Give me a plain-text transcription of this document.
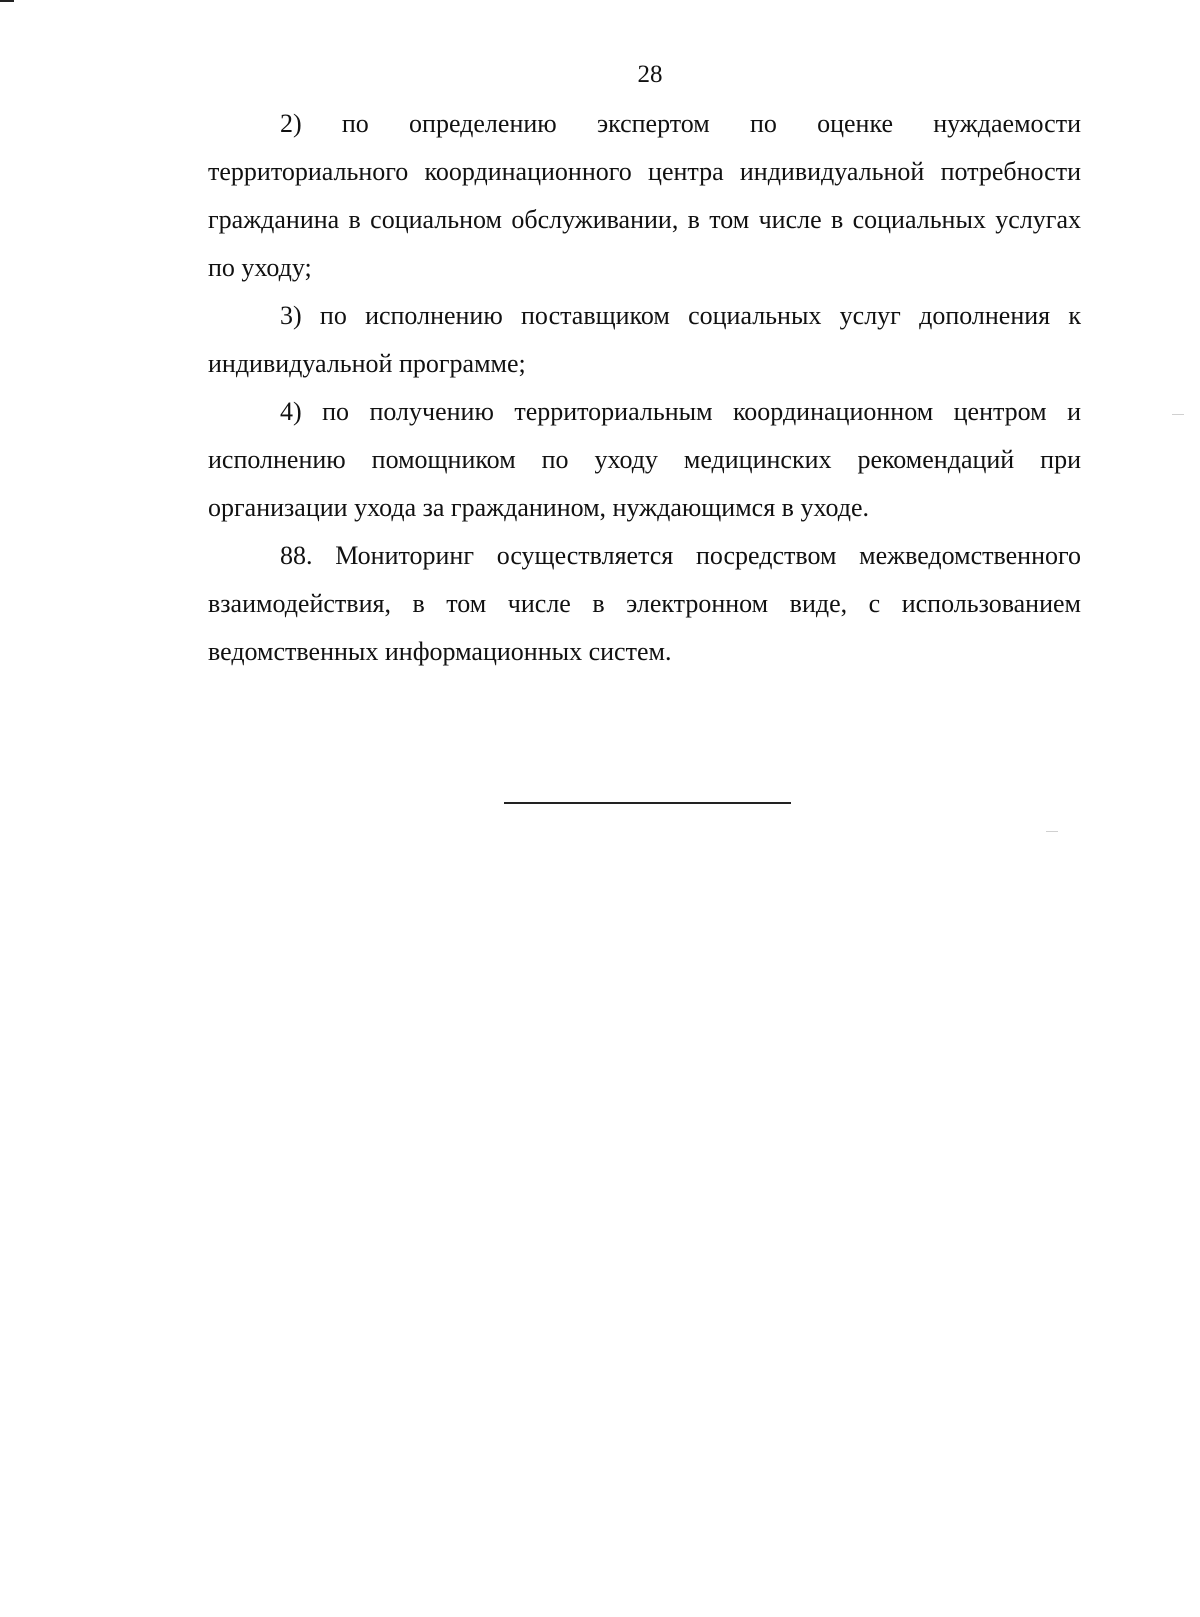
28

2) по определению экспертом по оценке нуждаемости территориального координационного центра индивидуальной потребности гражданина в социальном обслуживании, в том числе в социальных услугах по уходу;

3) по исполнению поставщиком социальных услуг дополнения к индивидуальной программе;

4) по получению территориальным координационном центром и исполнению помощником по уходу медицинских рекомендаций при организации ухода за гражданином, нуждающимся в уходе.

88. Мониторинг осуществляется посредством межведомственного взаимодействия, в том числе в электронном виде, с использованием ведомственных информационных систем.
